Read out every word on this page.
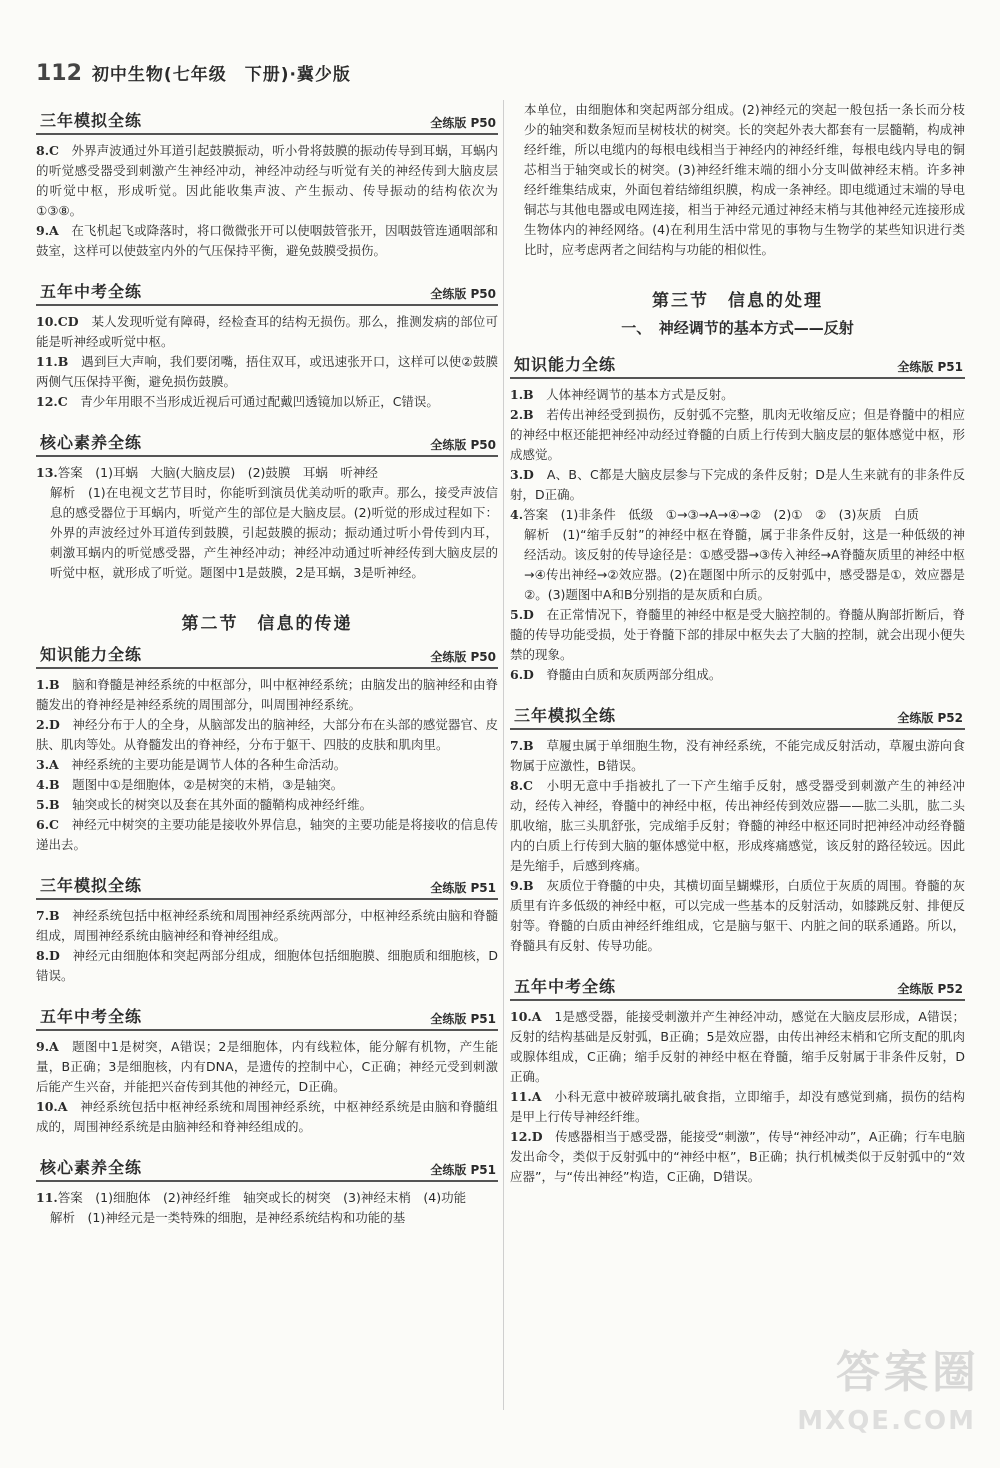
112 初中生物(七年级　下册)·冀少版
三年模拟全练	全练版 P50

8.C　外界声波通过外耳道引起鼓膜振动，听小骨将鼓膜的振动传导到耳蜗，耳蜗内的听觉感受器受到刺激产生神经冲动，神经冲动经与听觉有关的神经传到大脑皮层的听觉中枢，形成听觉。因此能收集声波、产生振动、传导振动的结构依次为①③⑧。

9.A　在飞机起飞或降落时，将口微微张开可以使咽鼓管张开，因咽鼓管连通咽部和鼓室，这样可以使鼓室内外的气压保持平衡，避免鼓膜受损伤。

五年中考全练	全练版 P50

10.CD　某人发现听觉有障碍，经检查耳的结构无损伤。那么，推测发病的部位可能是听神经或听觉中枢。

11.B　遇到巨大声响，我们要闭嘴，捂住双耳，或迅速张开口，这样可以使②鼓膜两侧气压保持平衡，避免损伤鼓膜。

12.C　青少年用眼不当形成近视后可通过配戴凹透镜加以矫正，C错误。

核心素养全练	全练版 P50

13.答案　(1)耳蜗　大脑(大脑皮层)　(2)鼓膜　耳蜗　听神经

解析　(1)在电视文艺节目时，你能听到演员优美动听的歌声。那么，接受声波信息的感受器位于耳蜗内，听觉产生的部位是大脑皮层。(2)听觉的形成过程如下：外界的声波经过外耳道传到鼓膜，引起鼓膜的振动；振动通过听小骨传到内耳，刺激耳蜗内的听觉感受器，产生神经冲动；神经冲动通过听神经传到大脑皮层的听觉中枢，就形成了听觉。题图中1是鼓膜，2是耳蜗，3是听神经。

第二节　信息的传递
知识能力全练	全练版 P50

1.B　脑和脊髓是神经系统的中枢部分，叫中枢神经系统；由脑发出的脑神经和由脊髓发出的脊神经是神经系统的周围部分，叫周围神经系统。

2.D　神经分布于人的全身，从脑部发出的脑神经，大部分布在头部的感觉器官、皮肤、肌肉等处。从脊髓发出的脊神经，分布于躯干、四肢的皮肤和肌肉里。

3.A　神经系统的主要功能是调节人体的各种生命活动。

4.B　题图中①是细胞体，②是树突的末梢，③是轴突。

5.B　轴突或长的树突以及套在其外面的髓鞘构成神经纤维。

6.C　神经元中树突的主要功能是接收外界信息，轴突的主要功能是将接收的信息传递出去。

三年模拟全练	全练版 P51

7.B　神经系统包括中枢神经系统和周围神经系统两部分，中枢神经系统由脑和脊髓组成，周围神经系统由脑神经和脊神经组成。

8.D　神经元由细胞体和突起两部分组成，细胞体包括细胞膜、细胞质和细胞核，D错误。

五年中考全练	全练版 P51

9.A　题图中1是树突，A错误；2是细胞体，内有线粒体，能分解有机物，产生能量，B正确；3是细胞核，内有DNA，是遗传的控制中心，C正确；神经元受到刺激后能产生兴奋，并能把兴奋传到其他的神经元，D正确。

10.A　神经系统包括中枢神经系统和周围神经系统，中枢神经系统是由脑和脊髓组成的，周围神经系统是由脑神经和脊神经组成的。

核心素养全练	全练版 P51

11.答案　(1)细胞体　(2)神经纤维　轴突或长的树突　(3)神经末梢　(4)功能

解析　(1)神经元是一类特殊的细胞，是神经系统结构和功能的基

本单位，由细胞体和突起两部分组成。(2)神经元的突起一般包括一条长而分枝少的轴突和数条短而呈树枝状的树突。长的突起外表大都套有一层髓鞘，构成神经纤维，所以电缆内的每根电线相当于神经内的神经纤维，每根电线内导电的铜芯相当于轴突或长的树突。(3)神经纤维末端的细小分支叫做神经末梢。许多神经纤维集结成束，外面包着结缔组织膜，构成一条神经。即电缆通过末端的导电铜芯与其他电器或电网连接，相当于神经元通过神经末梢与其他神经元连接形成生物体内的神经网络。(4)在利用生活中常见的事物与生物学的某些知识进行类比时，应考虑两者之间结构与功能的相似性。

第三节　信息的处理
一、　神经调节的基本方式——反射
知识能力全练	全练版 P51

1.B　人体神经调节的基本方式是反射。

2.B　若传出神经受到损伤，反射弧不完整，肌肉无收缩反应；但是脊髓中的相应的神经中枢还能把神经冲动经过脊髓的白质上行传到大脑皮层的躯体感觉中枢，形成感觉。

3.D　A、B、C都是大脑皮层参与下完成的条件反射；D是人生来就有的非条件反射，D正确。

4.答案　(1)非条件　低级　①→③→A→④→②　(2)①　②　(3)灰质　白质

解析　(1)“缩手反射”的神经中枢在脊髓，属于非条件反射，这是一种低级的神经活动。该反射的传导途径是：①感受器→③传入神经→A脊髓灰质里的神经中枢→④传出神经→②效应器。(2)在题图中所示的反射弧中，感受器是①，效应器是②。(3)题图中A和B分别指的是灰质和白质。

5.D　在正常情况下，脊髓里的神经中枢是受大脑控制的。脊髓从胸部折断后，脊髓的传导功能受损，处于脊髓下部的排尿中枢失去了大脑的控制，就会出现小便失禁的现象。

6.D　脊髓由白质和灰质两部分组成。

三年模拟全练	全练版 P52

7.B　草履虫属于单细胞生物，没有神经系统，不能完成反射活动，草履虫游向食物属于应激性，B错误。

8.C　小明无意中手指被扎了一下产生缩手反射，感受器受到刺激产生的神经冲动，经传入神经，脊髓中的神经中枢，传出神经传到效应器——肱二头肌，肱二头肌收缩，肱三头肌舒张，完成缩手反射；脊髓的神经中枢还同时把神经冲动经脊髓内的白质上行传到大脑的躯体感觉中枢，形成疼痛感觉，该反射的路径较远。因此是先缩手，后感到疼痛。

9.B　灰质位于脊髓的中央，其横切面呈蝴蝶形，白质位于灰质的周围。脊髓的灰质里有许多低级的神经中枢，可以完成一些基本的反射活动，如膝跳反射、排便反射等。脊髓的白质由神经纤维组成，它是脑与躯干、内脏之间的联系通路。所以，脊髓具有反射、传导功能。

五年中考全练	全练版 P52

10.A　1是感受器，能接受刺激并产生神经冲动，感觉在大脑皮层形成，A错误；反射的结构基础是反射弧，B正确；5是效应器，由传出神经末梢和它所支配的肌肉或腺体组成，C正确；缩手反射的神经中枢在脊髓，缩手反射属于非条件反射，D正确。

11.A　小科无意中被碎玻璃扎破食指，立即缩手，却没有感觉到痛，损伤的结构是甲上行传导神经纤维。

12.D　传感器相当于感受器，能接受“刺激”，传导“神经冲动”，A正确；行车电脑发出命令，类似于反射弧中的“神经中枢”，B正确；执行机械类似于反射弧中的“效应器”，与“传出神经”构造，C正确，D错误。

答案圈
MXQE.COM
